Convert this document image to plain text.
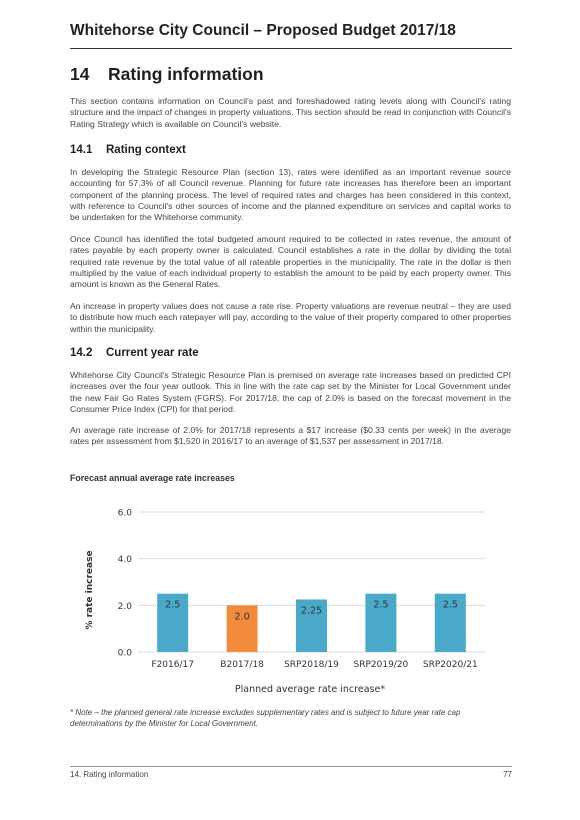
Whitehorse City Council – Proposed Budget 2017/18
14 Rating information

This section contains information on Council's past and foreshadowed rating levels along with Council's rating structure and the impact of changes in property valuations. This section should be read in conjunction with Council's Rating Strategy which is available on Council's website.

14.1 Rating context

In developing the Strategic Resource Plan (section 13), rates were identified as an important revenue source accounting for 57.3% of all Council revenue. Planning for future rate increases has therefore been an important component of the planning process. The level of required rates and charges has been considered in this context, with reference to Council's other sources of income and the planned expenditure on services and capital works to be undertaken for the Whitehorse community.

Once Council has identified the total budgeted amount required to be collected in rates revenue, the amount of rates payable by each property owner is calculated. Council establishes a rate in the dollar by dividing the total required rate revenue by the total value of all rateable properties in the municipality. The rate in the dollar is then multiplied by the value of each individual property to establish the amount to be paid by each property owner. This amount is known as the General Rates.

An increase in property values does not cause a rate rise. Property valuations are revenue neutral – they are used to distribute how much each ratepayer will pay, according to the value of their property compared to other properties within the municipality.

14.2 Current year rate

Whitehorse City Council's Strategic Resource Plan is premised on average rate increases based on predicted CPI increases over the four year outlook. This in line with the rate cap set by the Minister for Local Government under the new Fair Go Rates System (FGRS). For 2017/18, the cap of 2.0% is based on the forecast movement in the Consumer Price Index (CPI) for that period.

An average rate increase of 2.0% for 2017/18 represents a $17 increase ($0.33 cents per week) in the average rates per assessment from $1,520 in 2016/17 to an average of $1,537 per assessment in 2017/18.

Forecast annual average rate increases
0.0
2.0
4.0
6.0
2.5
F2016/17
2.0
B2017/18
2.25
SRP2018/19
2.5
SRP2019/20
2.5
SRP2020/21
% rate increase
Planned average rate increase*

* Note – the planned general rate increase excludes supplementary rates and is subject to future year rate cap determinations by the Minister for Local Government.

14. Rating information	77
